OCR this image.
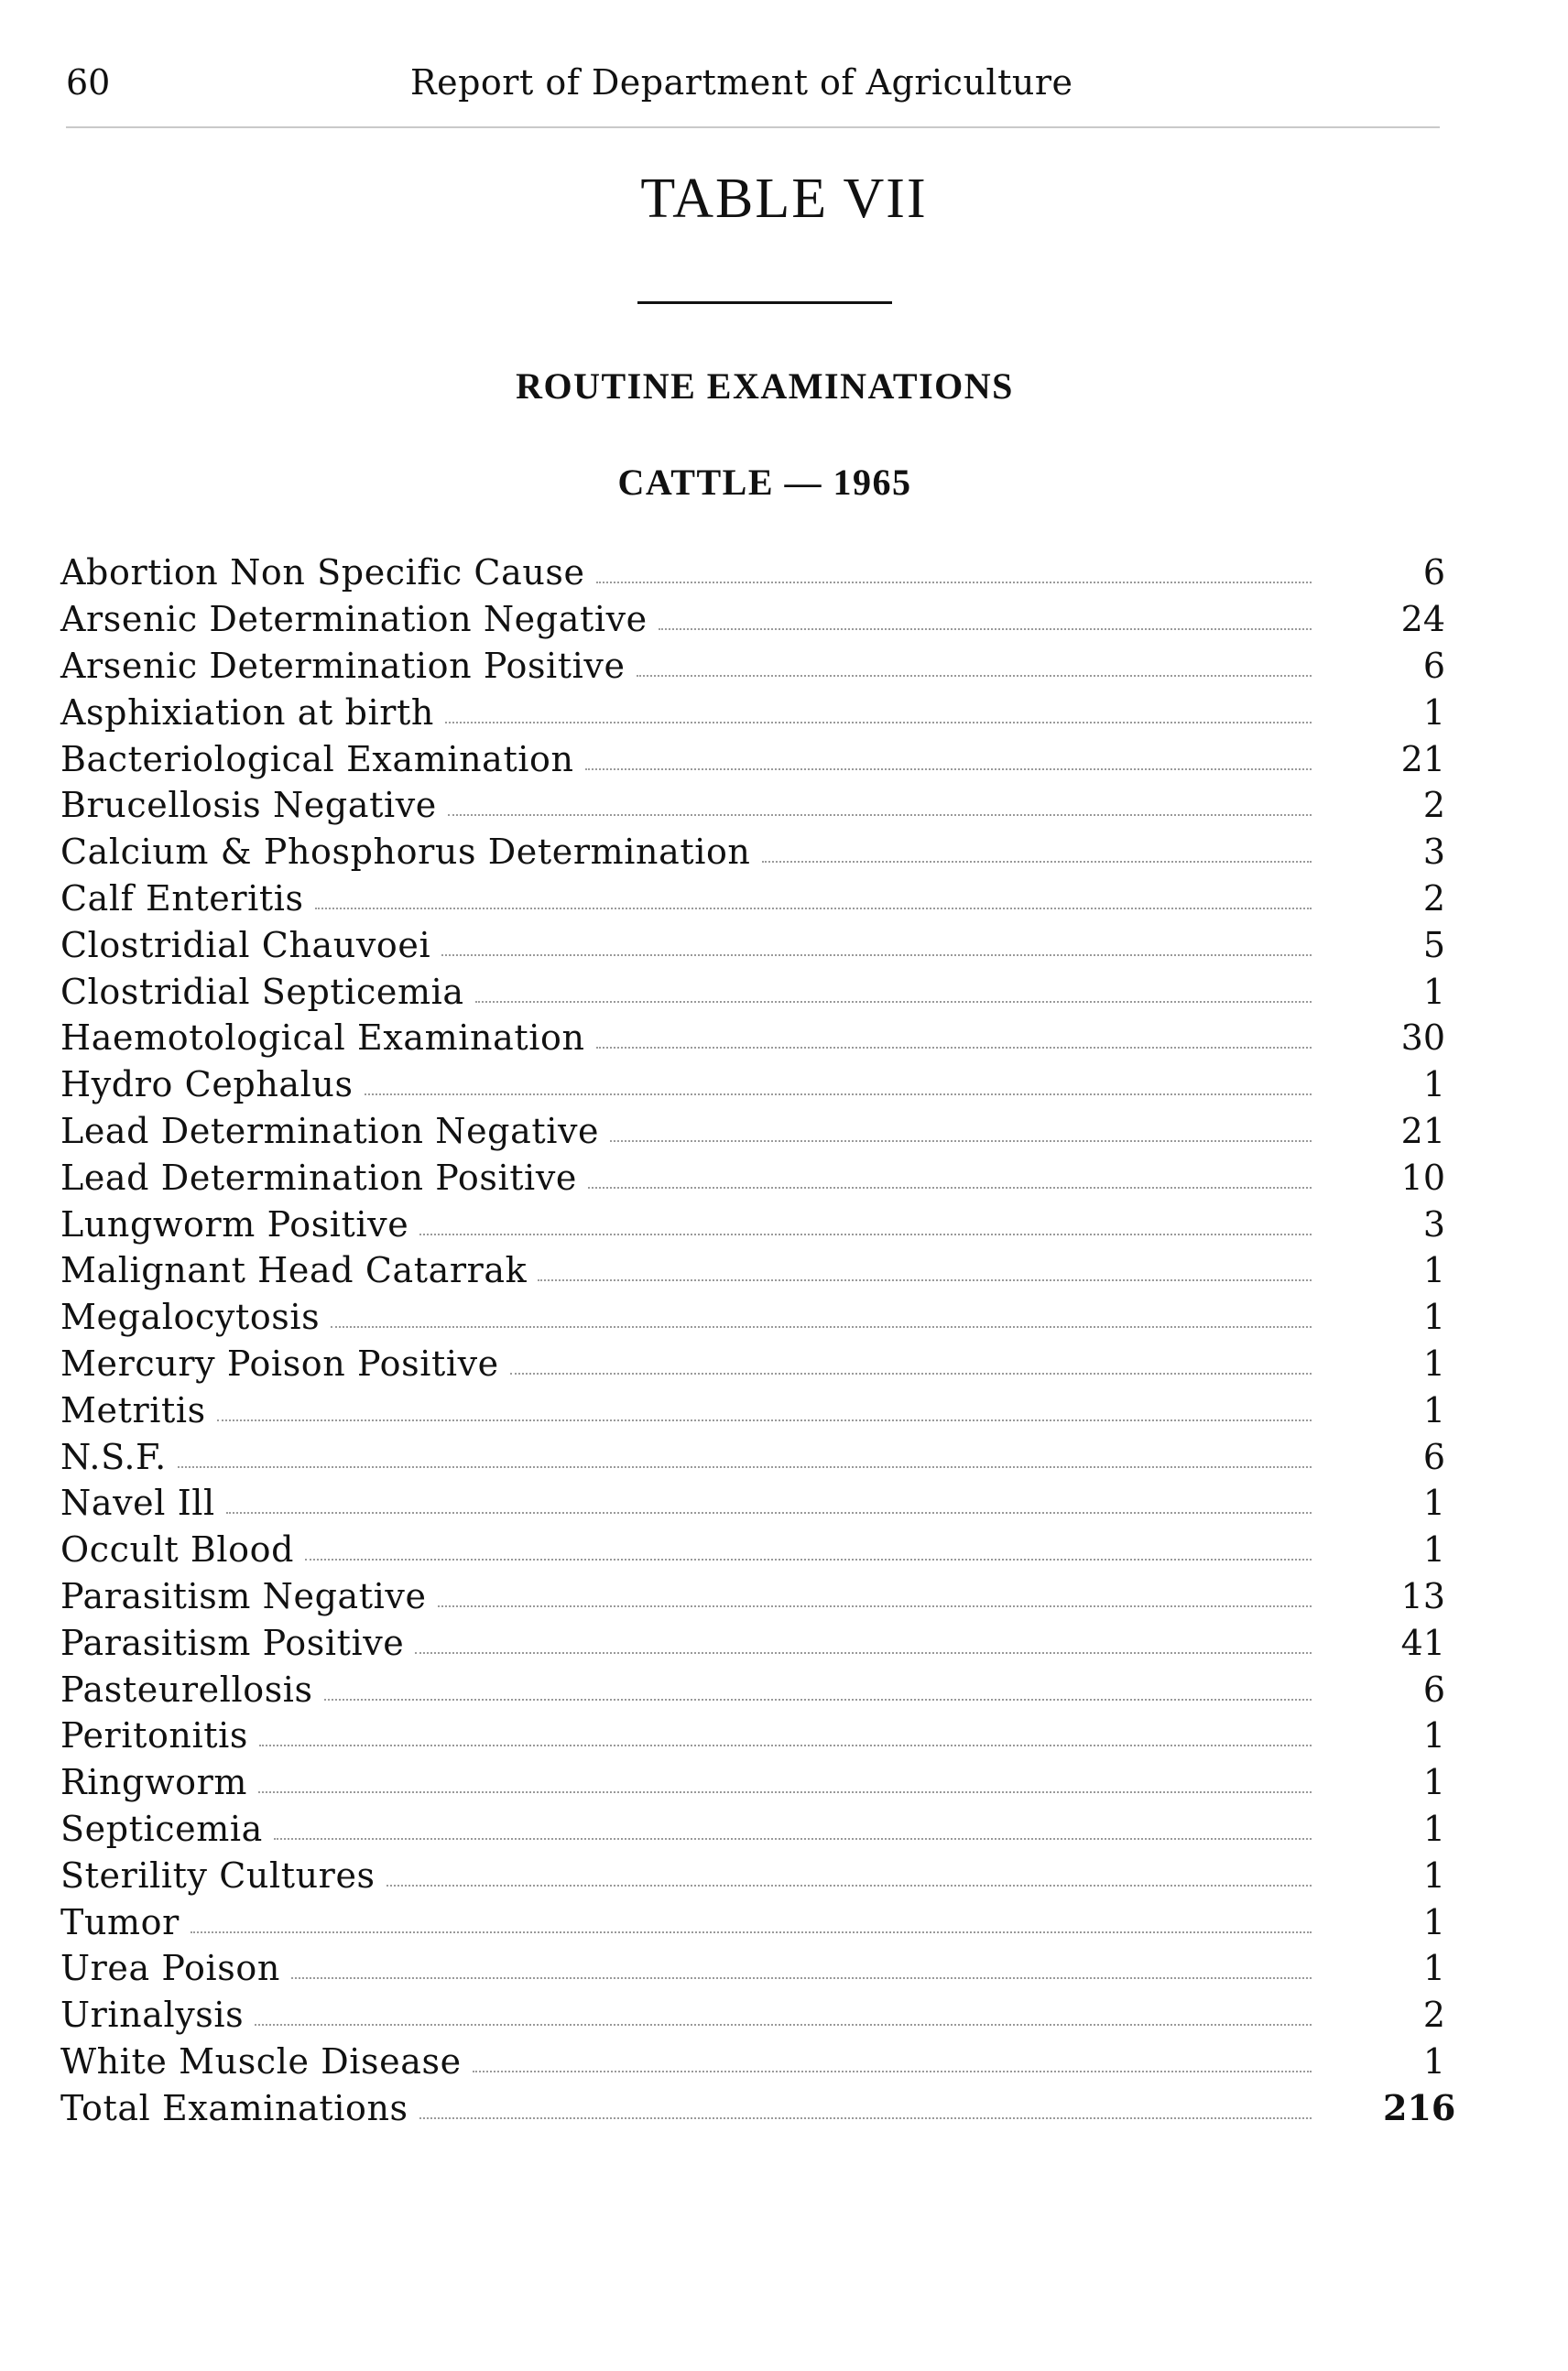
60	Report of Department of Agriculture
TABLE VII
ROUTINE EXAMINATIONS
CATTLE — 1965
Abortion Non Specific Cause	6
Arsenic Determination Negative	24
Arsenic Determination Positive	6
Asphixiation at birth	1
Bacteriological Examination	21
Brucellosis Negative	2
Calcium & Phosphorus Determination	3
Calf Enteritis	2
Clostridial Chauvoei	5
Clostridial Septicemia	1
Haemotological Examination	30
Hydro Cephalus	1
Lead Determination Negative	21
Lead Determination Positive	10
Lungworm Positive	3
Malignant Head Catarrak	1
Megalocytosis	1
Mercury Poison Positive	1
Metritis	1
N.S.F.	6
Navel Ill	1
Occult Blood	1
Parasitism Negative	13
Parasitism Positive	41
Pasteurellosis	6
Peritonitis	1
Ringworm	1
Septicemia	1
Sterility Cultures	1
Tumor	1
Urea Poison	1
Urinalysis	2
White Muscle Disease	1
Total Examinations	216
